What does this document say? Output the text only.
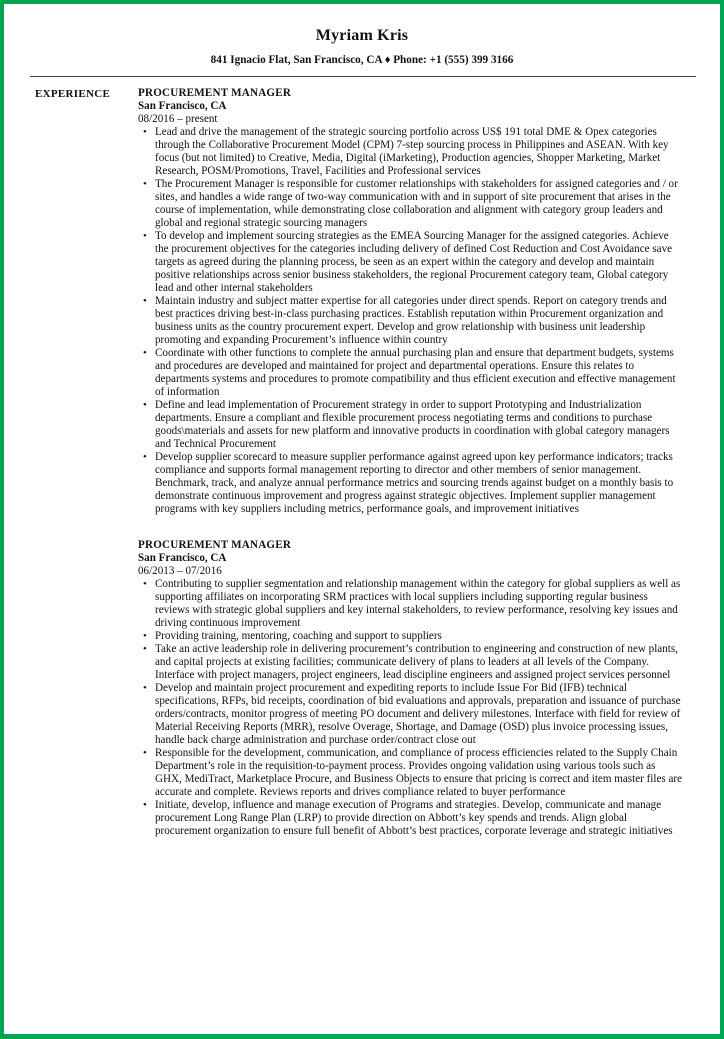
Myriam Kris
841 Ignacio Flat, San Francisco, CA ♦ Phone: +1 (555) 399 3166
EXPERIENCE	PROCUREMENT MANAGER
San Francisco, CA
08/2016 – present
• Lead and drive the management of the strategic sourcing portfolio across US$ 191 total DME & Opex categories through the Collaborative Procurement Model (CPM) 7-step sourcing process in Philippines and ASEAN. With key focus (but not limited) to Creative, Media, Digital (iMarketing), Production agencies, Shopper Marketing, Market Research, POSM/Promotions, Travel, Facilities and Professional services
• The Procurement Manager is responsible for customer relationships with stakeholders for assigned categories and / or sites, and handles a wide range of two-way communication with and in support of site procurement that arises in the course of implementation, while demonstrating close collaboration and alignment with category group leaders and global and regional strategic sourcing managers
• To develop and implement sourcing strategies as the EMEA Sourcing Manager for the assigned categories. Achieve the procurement objectives for the categories including delivery of defined Cost Reduction and Cost Avoidance save targets as agreed during the planning process, be seen as an expert within the category and develop and maintain positive relationships across senior business stakeholders, the regional Procurement category team, Global category lead and other internal stakeholders
• Maintain industry and subject matter expertise for all categories under direct spends. Report on category trends and best practices driving best-in-class purchasing practices. Establish reputation within Procurement organization and business units as the country procurement expert. Develop and grow relationship with business unit leadership promoting and expanding Procurement’s influence within country
• Coordinate with other functions to complete the annual purchasing plan and ensure that department budgets, systems and procedures are developed and maintained for project and departmental operations. Ensure this relates to departments systems and procedures to promote compatibility and thus efficient execution and effective management of information
• Define and lead implementation of Procurement strategy in order to support Prototyping and Industrialization departments. Ensure a compliant and flexible procurement process negotiating terms and conditions to purchase goods\materials and assets for new platform and innovative products in coordination with global category managers and Technical Procurement
• Develop supplier scorecard to measure supplier performance against agreed upon key performance indicators; tracks compliance and supports formal management reporting to director and other members of senior management. Benchmark, track, and analyze annual performance metrics and sourcing trends against budget on a monthly basis to demonstrate continuous improvement and progress against strategic objectives. Implement supplier management programs with key suppliers including metrics, performance goals, and improvement initiatives
PROCUREMENT MANAGER
San Francisco, CA
06/2013 – 07/2016
• Contributing to supplier segmentation and relationship management within the category for global suppliers as well as supporting affiliates on incorporating SRM practices with local suppliers including supporting regular business reviews with strategic global suppliers and key internal stakeholders, to review performance, resolving key issues and driving continuous improvement
• Providing training, mentoring, coaching and support to suppliers
• Take an active leadership role in delivering procurement’s contribution to engineering and construction of new plants, and capital projects at existing facilities; communicate delivery of plans to leaders at all levels of the Company. Interface with project managers, project engineers, lead discipline engineers and assigned project services personnel
• Develop and maintain project procurement and expediting reports to include Issue For Bid (IFB) technical specifications, RFPs, bid receipts, coordination of bid evaluations and approvals, preparation and issuance of purchase orders/contracts, monitor progress of meeting PO document and delivery milestones. Interface with field for review of Material Receiving Reports (MRR), resolve Overage, Shortage, and Damage (OSD) plus invoice processing issues, handle back charge administration and purchase order/contract close out
• Responsible for the development, communication, and compliance of process efficiencies related to the Supply Chain Department’s role in the requisition-to-payment process. Provides ongoing validation using various tools such as GHX, MediTract, Marketplace Procure, and Business Objects to ensure that pricing is correct and item master files are accurate and complete. Reviews reports and drives compliance related to buyer performance
• Initiate, develop, influence and manage execution of Programs and strategies. Develop, communicate and manage procurement Long Range Plan (LRP) to provide direction on Abbott’s key spends and trends. Align global procurement organization to ensure full benefit of Abbott’s best practices, corporate leverage and strategic initiatives
